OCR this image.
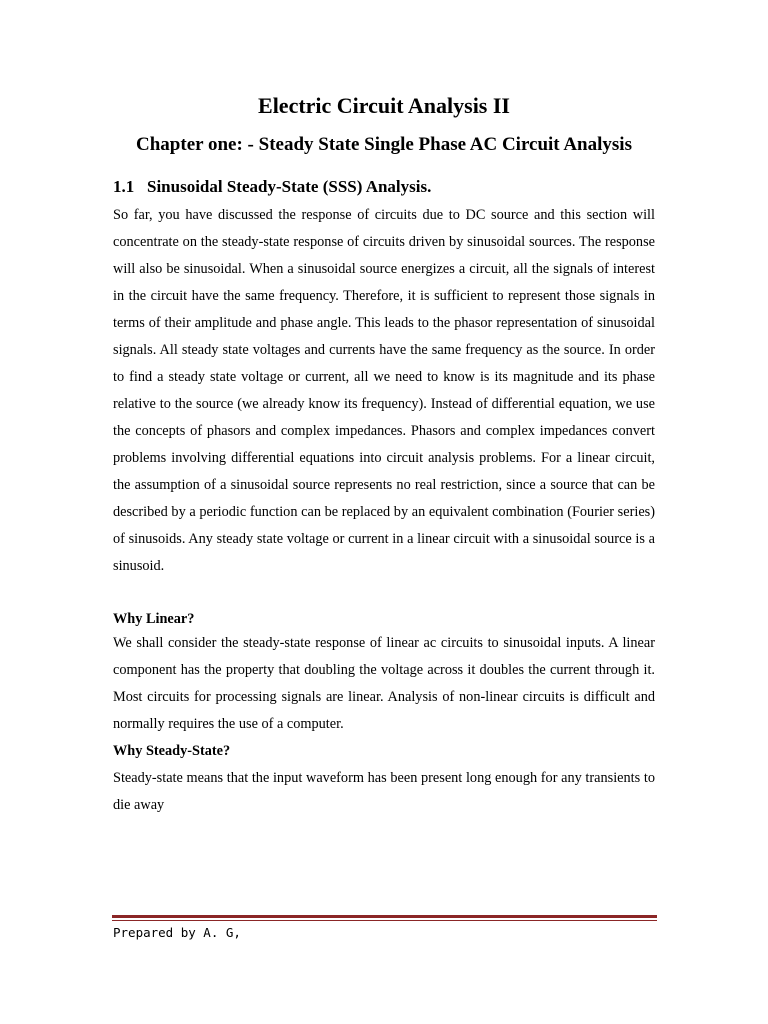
Electric Circuit Analysis II
Chapter one: - Steady State Single Phase AC Circuit Analysis
1.1 Sinusoidal Steady-State (SSS) Analysis.

So far, you have discussed the response of circuits due to DC source and this section will concentrate on the steady-state response of circuits driven by sinusoidal sources. The response will also be sinusoidal. When a sinusoidal source energizes a circuit, all the signals of interest in the circuit have the same frequency. Therefore, it is sufficient to represent those signals in terms of their amplitude and phase angle. This leads to the phasor representation of sinusoidal signals. All steady state voltages and currents have the same frequency as the source. In order to find a steady state voltage or current, all we need to know is its magnitude and its phase relative to the source (we already know its frequency). Instead of differential equation, we use the concepts of phasors and complex impedances. Phasors and complex impedances convert problems involving differential equations into circuit analysis problems. For a linear circuit, the assumption of a sinusoidal source represents no real restriction, since a source that can be described by a periodic function can be replaced by an equivalent combination (Fourier series) of sinusoids. Any steady state voltage or current in a linear circuit with a sinusoidal source is a sinusoid.

Why Linear?

We shall consider the steady-state response of linear ac circuits to sinusoidal inputs. A linear component has the property that doubling the voltage across it doubles the current through it. Most circuits for processing signals are linear. Analysis of non-linear circuits is difficult and normally requires the use of a computer.

Why Steady-State?

Steady-state means that the input waveform has been present long enough for any transients to die away

Prepared by A. G,
